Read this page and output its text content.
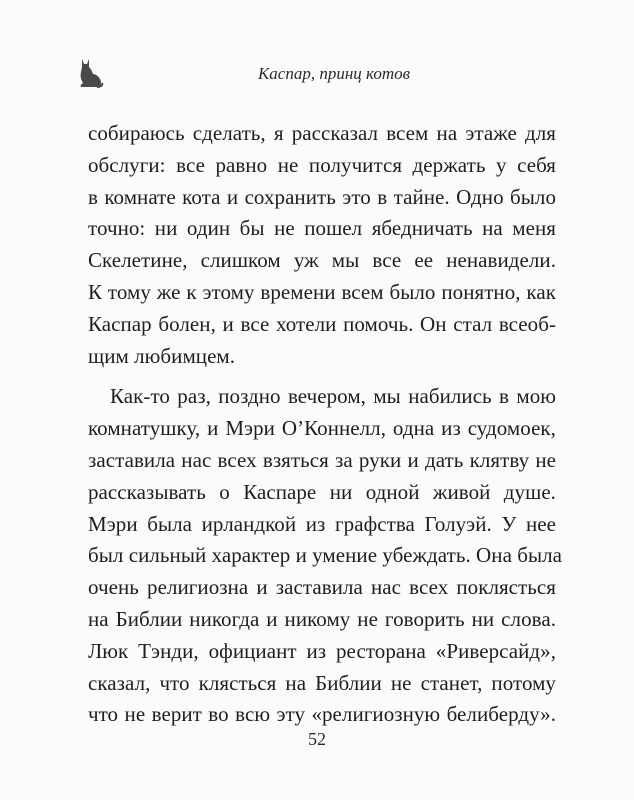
Каспар, принц котов
собираюсь сделать, я рассказал всем на этаже для
обслуги: все равно не получится держать у себя
в комнате кота и сохранить это в тайне. Одно было
точно: ни один бы не пошел ябедничать на меня
Скелетине, слишком уж мы все ее ненавидели.
К тому же к этому времени всем было понятно, как
Каспар болен, и все хотели помочь. Он стал всеоб-
щим любимцем.
Как-то раз, поздно вечером, мы набились в мою
комнатушку, и Мэри О’Коннелл, одна из судомоек,
заставила нас всех взяться за руки и дать клятву не
рассказывать о Каспаре ни одной живой душе.
Мэри была ирландкой из графства Голуэй. У нее
был сильный характер и умение убеждать. Она была
очень религиозна и заставила нас всех поклясться
на Библии никогда и никому не говорить ни слова.
Люк Тэнди, официант из ресторана «Риверсайд»,
сказал, что клясться на Библии не станет, потому
что не верит во всю эту «религиозную белиберду».
52
